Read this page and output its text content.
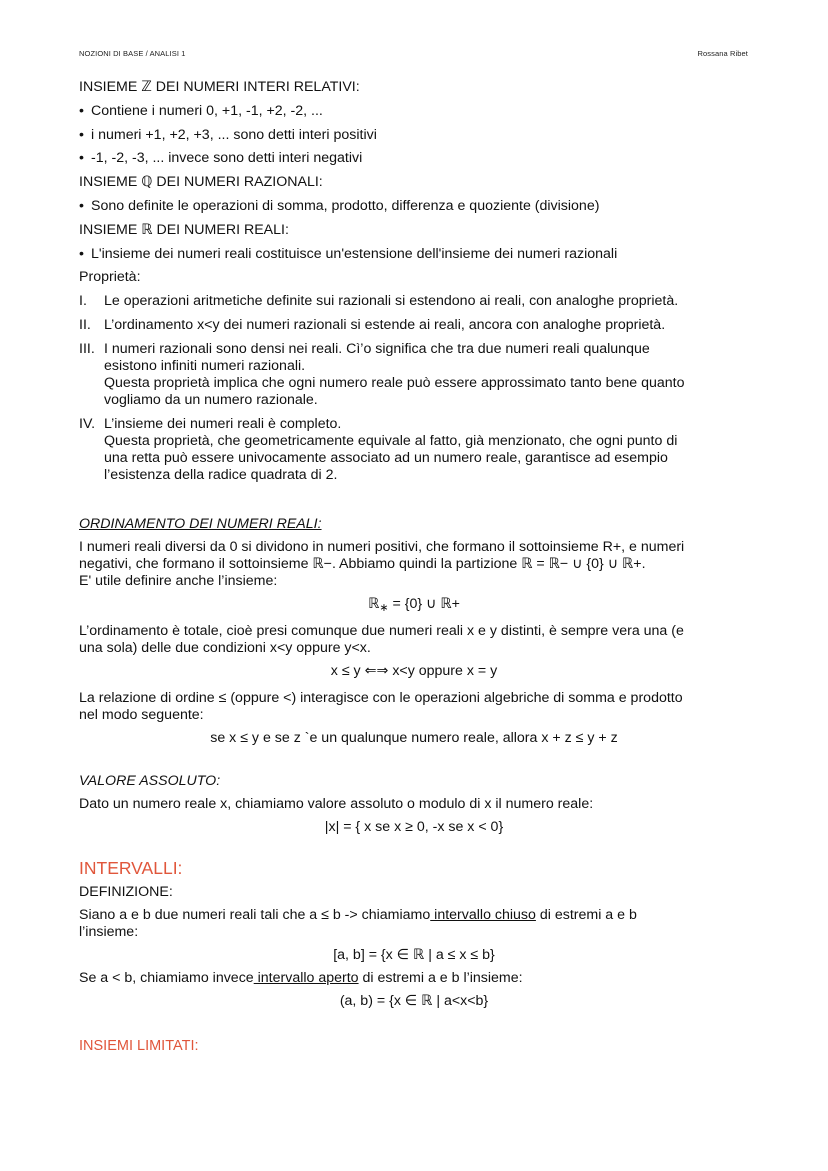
NOZIONI DI BASE / ANALISI 1	Rossana Ribet

INSIEME ℤ DEI NUMERI INTERI RELATIVI:

• Contiene i numeri 0, +1, -1, +2, -2, ...

• i numeri +1, +2, +3, ... sono detti interi positivi

• -1, -2, -3, ... invece sono detti interi negativi

INSIEME ℚ DEI NUMERI RAZIONALI:

• Sono definite le operazioni di somma, prodotto, differenza e quoziente (divisione)

INSIEME ℝ DEI NUMERI REALI:

• L'insieme dei numeri reali costituisce un'estensione dell'insieme dei numeri razionali

Proprietà:

I. Le operazioni aritmetiche definite sui razionali si estendono ai reali, con analoghe proprietà.

II. L’ordinamento x<y dei numeri razionali si estende ai reali, ancora con analoghe proprietà.

III. I numeri razionali sono densi nei reali. Cì’o significa che tra due numeri reali qualunque

esistono infiniti numeri razionali.

Questa proprietà implica che ogni numero reale può essere approssimato tanto bene quanto

vogliamo da un numero razionale.

IV. L’insieme dei numeri reali è completo.

Questa proprietà, che geometricamente equivale al fatto, già menzionato, che ogni punto di

una retta può essere univocamente associato ad un numero reale, garantisce ad esempio

l’esistenza della radice quadrata di 2.

ORDINAMENTO DEI NUMERI REALI:

I numeri reali diversi da 0 si dividono in numeri positivi, che formano il sottoinsieme R+, e numeri

negativi, che formano il sottoinsieme ℝ−. Abbiamo quindi la partizione ℝ = ℝ− ∪ {0} ∪ ℝ+.

E' utile definire anche l’insieme:

ℝ$_∗$ = {0} ∪ ℝ+

L’ordinamento è totale, cioè presi comunque due numeri reali x e y distinti, è sempre vera una (e

una sola) delle due condizioni x<y oppure y<x.

x ≤ y ⇐⇒ x<y oppure x = y

La relazione di ordine ≤ (oppure <) interagisce con le operazioni algebriche di somma e prodotto

nel modo seguente:

se x ≤ y e se z `e un qualunque numero reale, allora x + z ≤ y + z

VALORE ASSOLUTO:

Dato un numero reale x, chiamiamo valore assoluto o modulo di x il numero reale:

|x| = { x se x ≥ 0, -x se x < 0}

INTERVALLI:

DEFINIZIONE:

Siano a e b due numeri reali tali che a ≤ b -> chiamiamo intervallo chiuso di estremi a e b

l’insieme:

[a, b] = {x ∈ ℝ | a ≤ x ≤ b}

Se a < b, chiamiamo invece intervallo aperto di estremi a e b l’insieme:

(a, b) = {x ∈ ℝ | a<x<b}

INSIEMI LIMITATI:
